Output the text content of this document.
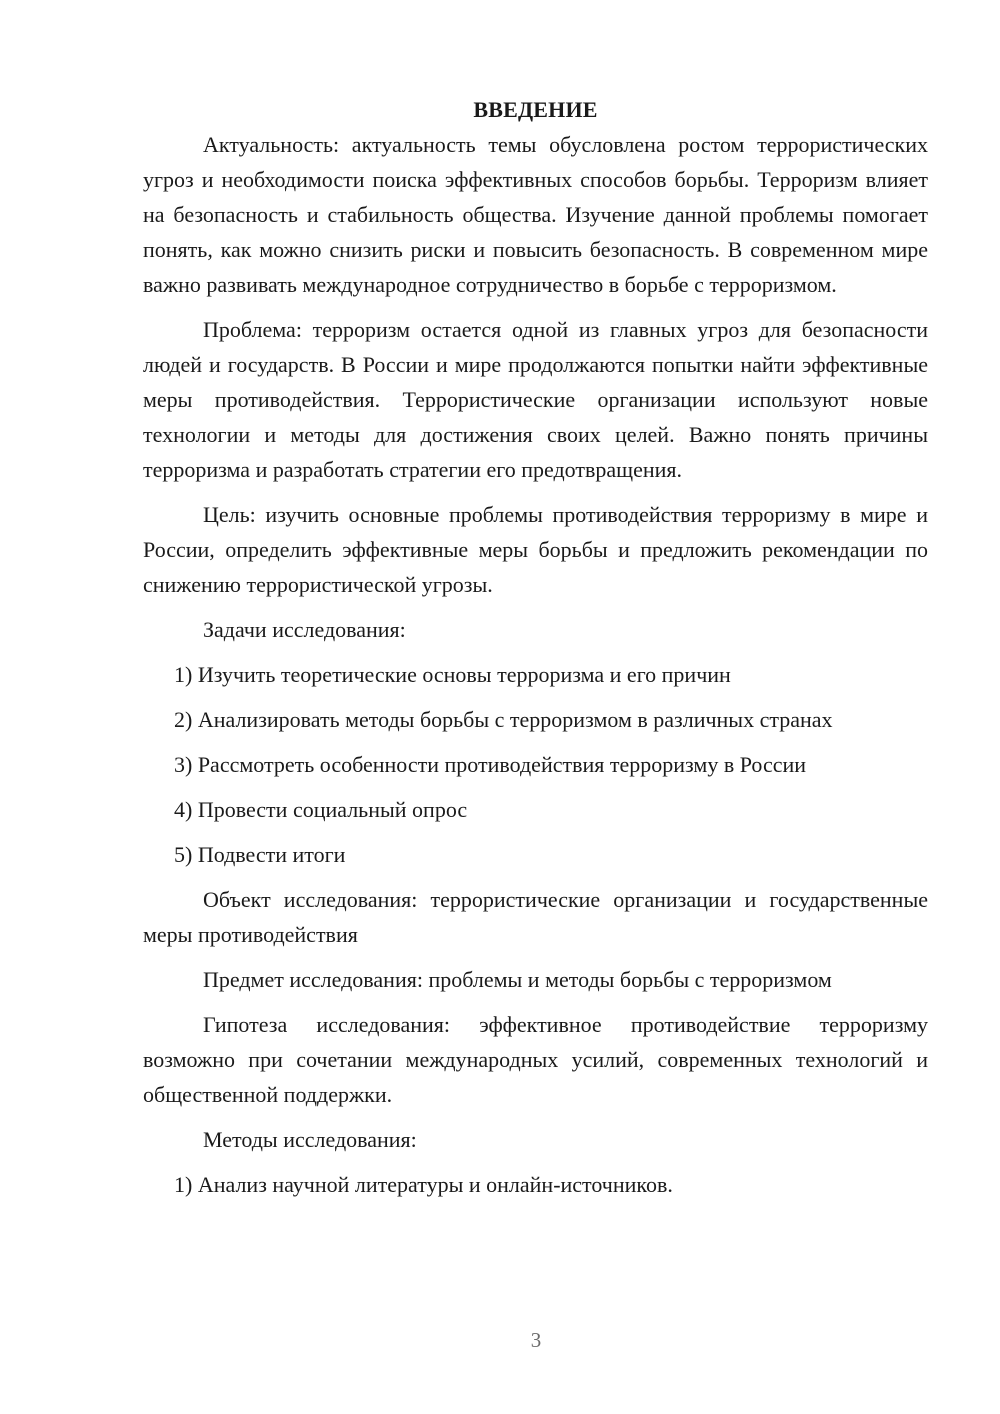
ВВЕДЕНИЕ
Актуальность: актуальность темы обусловлена ростом террористических угроз и необходимости поиска эффективных способов борьбы. Терроризм влияет на безопасность и стабильность общества. Изучение данной проблемы помогает понять, как можно снизить риски и повысить безопасность. В современном мире важно развивать международное сотрудничество в борьбе с терроризмом.
Проблема: терроризм остается одной из главных угроз для безопасности людей и государств. В России и мире продолжаются попытки найти эффективные меры противодействия. Террористические организации используют новые технологии и методы для достижения своих целей. Важно понять причины терроризма и разработать стратегии его предотвращения.
Цель: изучить основные проблемы противодействия терроризму в мире и России, определить эффективные меры борьбы и предложить рекомендации по снижению террористической угрозы.
Задачи исследования:
1) Изучить теоретические основы терроризма и его причин
2) Анализировать методы борьбы с терроризмом в различных странах
3) Рассмотреть особенности противодействия терроризму в России
4) Провести социальный опрос
5) Подвести итоги
Объект исследования: террористические организации и государственные меры противодействия
Предмет исследования: проблемы и методы борьбы с терроризмом
Гипотеза исследования: эффективное противодействие терроризму возможно при сочетании международных усилий, современных технологий и общественной поддержки.
Методы исследования:
1) Анализ научной литературы и онлайн-источников.
3
